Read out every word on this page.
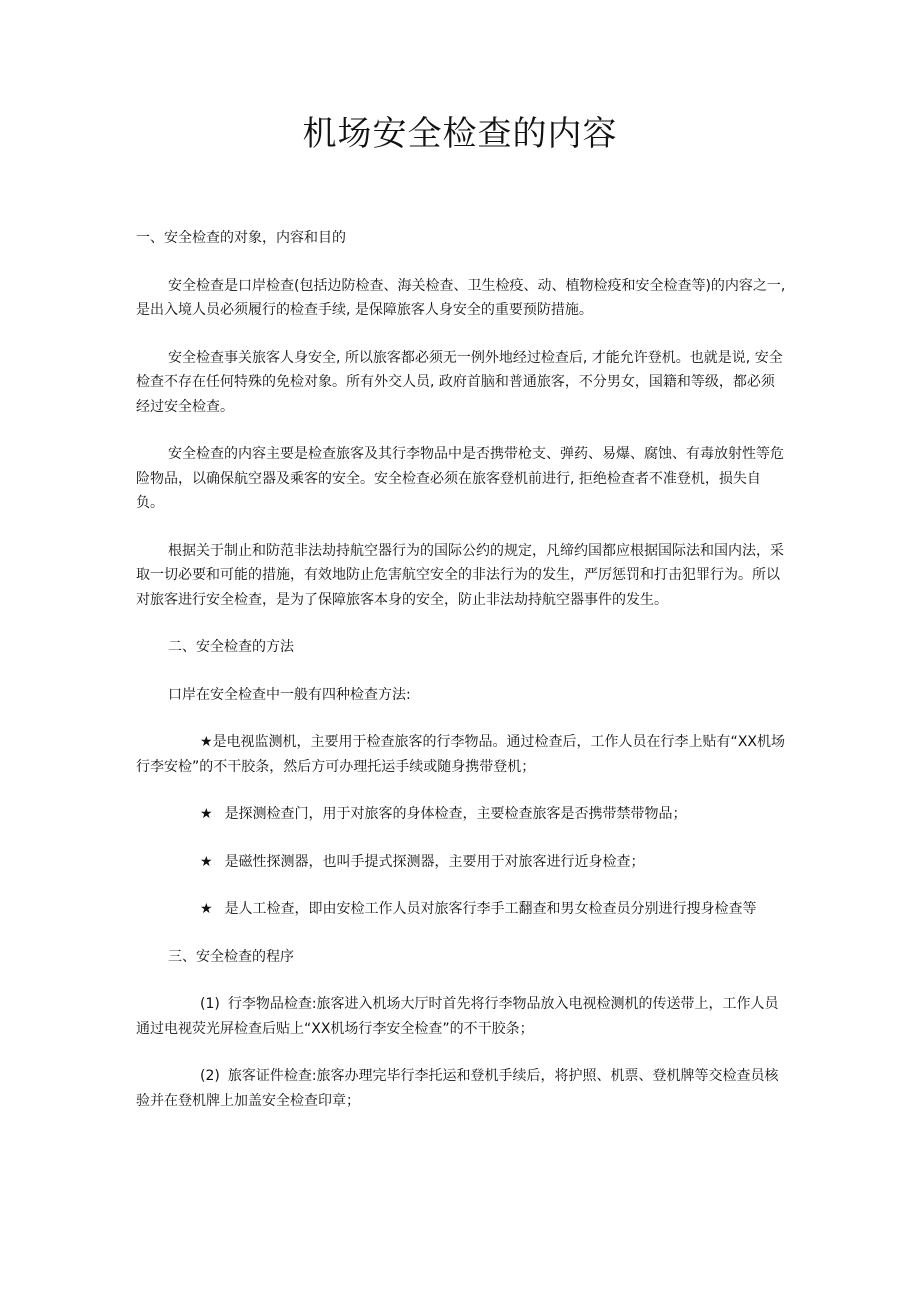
机场安全检查的内容

一、安全检查的对象，内容和目的

安全检查是口岸检查(包括边防检查、海关检查、卫生检疫、动、植物检疫和安全检查等)的内容之一, 是出入境人员必须履行的检查手续, 是保障旅客人身安全的重要预防措施。

安全检查事关旅客人身安全, 所以旅客都必须无一例外地经过检查后, 才能允许登机。也就是说, 安全检查不存在任何特殊的免检对象。所有外交人员, 政府首脑和普通旅客，不分男女，国籍和等级，都必须经过安全检查。

安全检查的内容主要是检查旅客及其行李物品中是否携带枪支、弹药、易爆、腐蚀、有毒放射性等危险物品，以确保航空器及乘客的安全。安全检查必须在旅客登机前进行, 拒绝检查者不准登机，损失自负。

根据关于制止和防范非法劫持航空器行为的国际公约的规定，凡缔约国都应根据国际法和国内法，采取一切必要和可能的措施，有效地防止危害航空安全的非法行为的发生，严厉惩罚和打击犯罪行为。所以对旅客进行安全检查，是为了保障旅客本身的安全，防止非法劫持航空器事件的发生。

二、安全检查的方法

口岸在安全检查中一般有四种检查方法:

★是电视监测机，主要用于检查旅客的行李物品。通过检查后，工作人员在行李上贴有“XX机场行李安检”的不干胶条，然后方可办理托运手续或随身携带登机；

★ 是探测检查门，用于对旅客的身体检查，主要检查旅客是否携带禁带物品；

★ 是磁性探测器，也叫手提式探测器，主要用于对旅客进行近身检查；

★ 是人工检查，即由安检工作人员对旅客行李手工翻查和男女检查员分别进行搜身检查等

三、安全检查的程序

(1) 行李物品检查:旅客进入机场大厅时首先将行李物品放入电视检测机的传送带上，工作人员通过电视荧光屏检查后贴上“XX机场行李安全检查”的不干胶条；

(2) 旅客证件检查:旅客办理完毕行李托运和登机手续后，将护照、机票、登机牌等交检查员核验并在登机牌上加盖安全检查印章；
